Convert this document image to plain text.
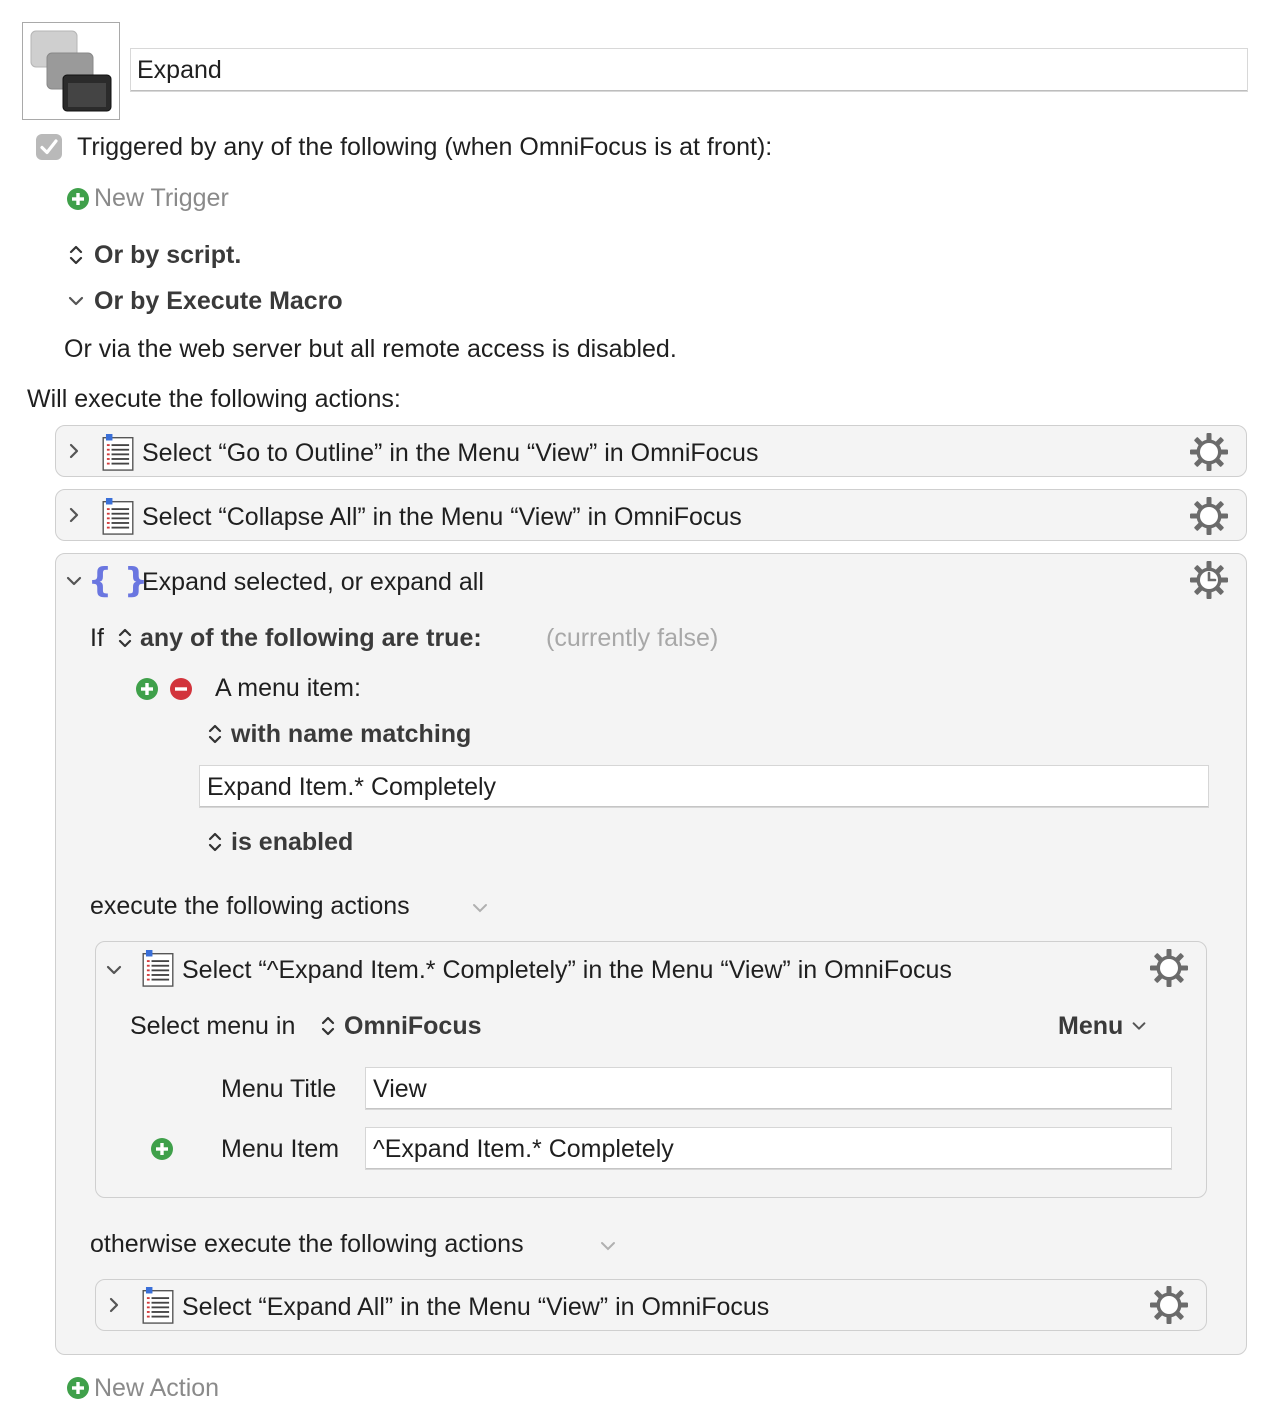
Expand
Triggered by any of the following (when OmniFocus is at front):
New Trigger
Or by script.
Or by Execute Macro
Or via the web server but all remote access is disabled.
Will execute the following actions:
Select “Go to Outline” in the Menu “View” in OmniFocus
Select “Collapse All” in the Menu “View” in OmniFocus
{ }
Expand selected, or expand all
If any of the following are true:	(currently false)
A menu item:
with name matching
Expand Item.* Completely
is enabled
execute the following actions
Select “^Expand Item.* Completely” in the Menu “View” in OmniFocus
Select menu in OmniFocus	Menu
Menu Title View
Menu Item ^Expand Item.* Completely
otherwise execute the following actions
Select “Expand All” in the Menu “View” in OmniFocus
New Action
